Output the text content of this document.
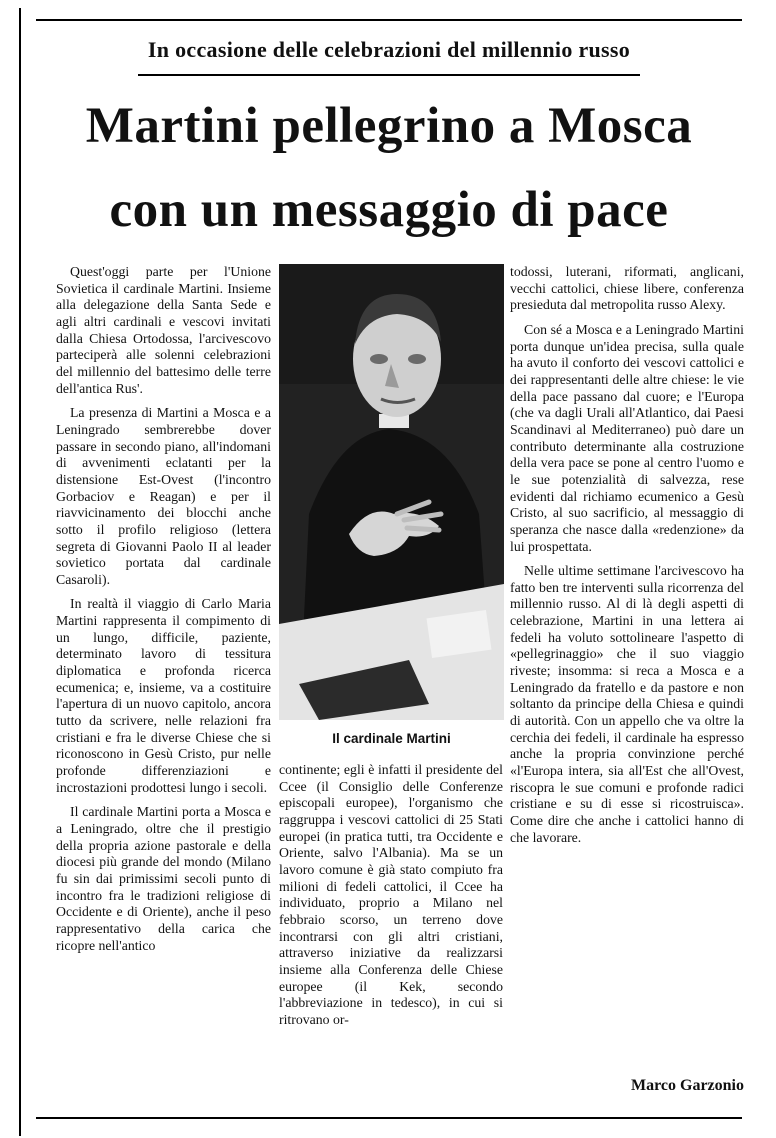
In occasione delle celebrazioni del millennio russo
Martini pellegrino a Mosca
con un messaggio di pace

Quest'oggi parte per l'Unione Sovietica il cardinale Martini. Insieme alla delegazione della Santa Sede e agli altri cardinali e vescovi invitati dalla Chiesa Ortodossa, l'arcivescovo parteciperà alle solenni celebrazioni del millennio del battesimo delle terre dell'antica Rus'.

La presenza di Martini a Mosca e a Leningrado sembrerebbe dover passare in secondo piano, all'indomani di avvenimenti eclatanti per la distensione Est-Ovest (l'incontro Gorbaciov e Reagan) e per il riavvicinamento dei blocchi anche sotto il profilo religioso (lettera segreta di Giovanni Paolo II al leader sovietico portata dal cardinale Casaroli).

In realtà il viaggio di Carlo Maria Martini rappresenta il compimento di un lungo, difficile, paziente, determinato lavoro di tessitura diplomatica e profonda ricerca ecumenica; e, insieme, va a costituire l'apertura di un nuovo capitolo, ancora tutto da scrivere, nelle relazioni fra cristiani e fra le diverse Chiese che si riconoscono in Gesù Cristo, pur nelle profonde differenziazioni e incrostazioni prodottesi lungo i secoli.

Il cardinale Martini porta a Mosca e a Leningrado, oltre che il prestigio della propria azione pastorale e della diocesi più grande del mondo (Milano fu sin dai primissimi secoli punto di incontro fra le tradizioni religiose di Occidente e di Oriente), anche il peso rappresentativo della carica che ricopre nell'antico

Il cardinale Martini

continente; egli è infatti il presidente del Ccee (il Consiglio delle Conferenze episcopali europee), l'organismo che raggruppa i vescovi cattolici di 25 Stati europei (in pratica tutti, tra Occidente e Oriente, salvo l'Albania). Ma se un lavoro comune è già stato compiuto fra milioni di fedeli cattolici, il Ccee ha individuato, proprio a Milano nel febbraio scorso, un terreno dove incontrarsi con gli altri cristiani, attraverso iniziative da realizzarsi insieme alla Conferenza delle Chiese europee (il Kek, secondo l'abbreviazione in tedesco), in cui si ritrovano or-

todossi, luterani, riformati, anglicani, vecchi cattolici, chiese libere, conferenza presieduta dal metropolita russo Alexy.

Con sé a Mosca e a Leningrado Martini porta dunque un'idea precisa, sulla quale ha avuto il conforto dei vescovi cattolici e dei rappresentanti delle altre chiese: le vie della pace passano dal cuore; e l'Europa (che va dagli Urali all'Atlantico, dai Paesi Scandinavi al Mediterraneo) può dare un contributo determinante alla costruzione della vera pace se pone al centro l'uomo e le sue potenzialità di salvezza, rese evidenti dal richiamo ecumenico a Gesù Cristo, al suo sacrificio, al messaggio di speranza che nasce dalla «redenzione» da lui prospettata.

Nelle ultime settimane l'arcivescovo ha fatto ben tre interventi sulla ricorrenza del millennio russo. Al di là degli aspetti di celebrazione, Martini in una lettera ai fedeli ha voluto sottolineare l'aspetto di «pellegrinaggio» che il suo viaggio riveste; insomma: si reca a Mosca e a Leningrado da fratello e da pastore e non soltanto da principe della Chiesa e quindi di autorità. Con un appello che va oltre la cerchia dei fedeli, il cardinale ha espresso anche la propria convinzione perché «l'Europa intera, sia all'Est che all'Ovest, riscopra le sue comuni e profonde radici cristiane e su di esse si ricostruisca». Come dire che anche i cattolici hanno di che lavorare.

Marco Garzonio
